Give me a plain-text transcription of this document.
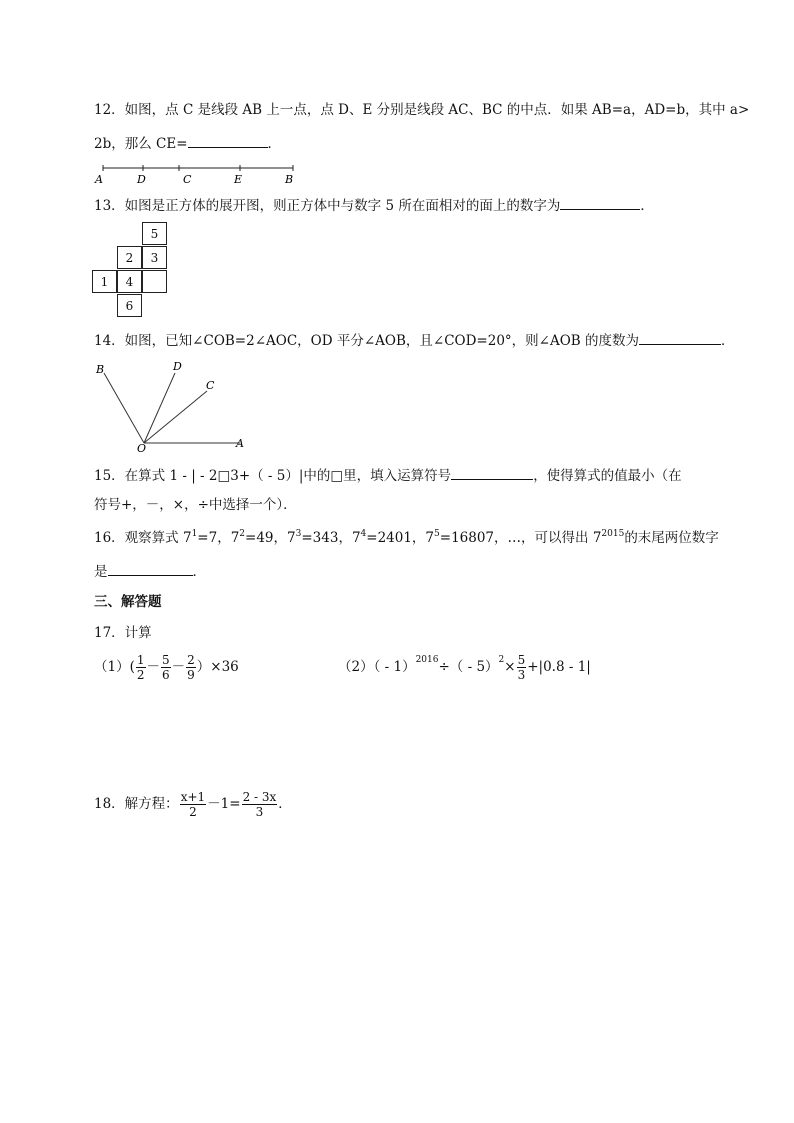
12．如图，点 C 是线段 AB 上一点，点 D、E 分别是线段 AC、BC 的中点．如果 AB=a，AD=b，其中 a>
2b，那么 CE=	．
A	D	C	E	B
13．如图是正方体的展开图，则正方体中与数字 5 所在面相对的面上的数字为	．
5
2	3
1	4
6
14．如图，已知∠COB=2∠AOC，OD 平分∠AOB，且∠COD=20°，则∠AOB 的度数为	．
B	D
C
O	A
15．在算式 1 - | - 2□3+（ - 5）|中的□里，填入运算符号	，使得算式的值最小（在
符号+，－，×，÷中选择一个）．
16．观察算式 $7^1=7$，$7^2=49$，$7^3=343$，$7^4=2401$，$7^5=16807$，…，可以得出 $7^{2015}$的末尾两位数字
是	．
三、解答题
17．计算
$(1)( \frac{1}{2} - \frac{5}{6} - \frac{2}{9} )\times 36$	（2）（ - 1）$^{2016}$ ÷（ - $5)^2 \times \frac{5}{3} +|0.8 - 1|$
18．解方程： $\frac{x+1}{2} -1= \frac{2 - 3x}{3}$ ．
